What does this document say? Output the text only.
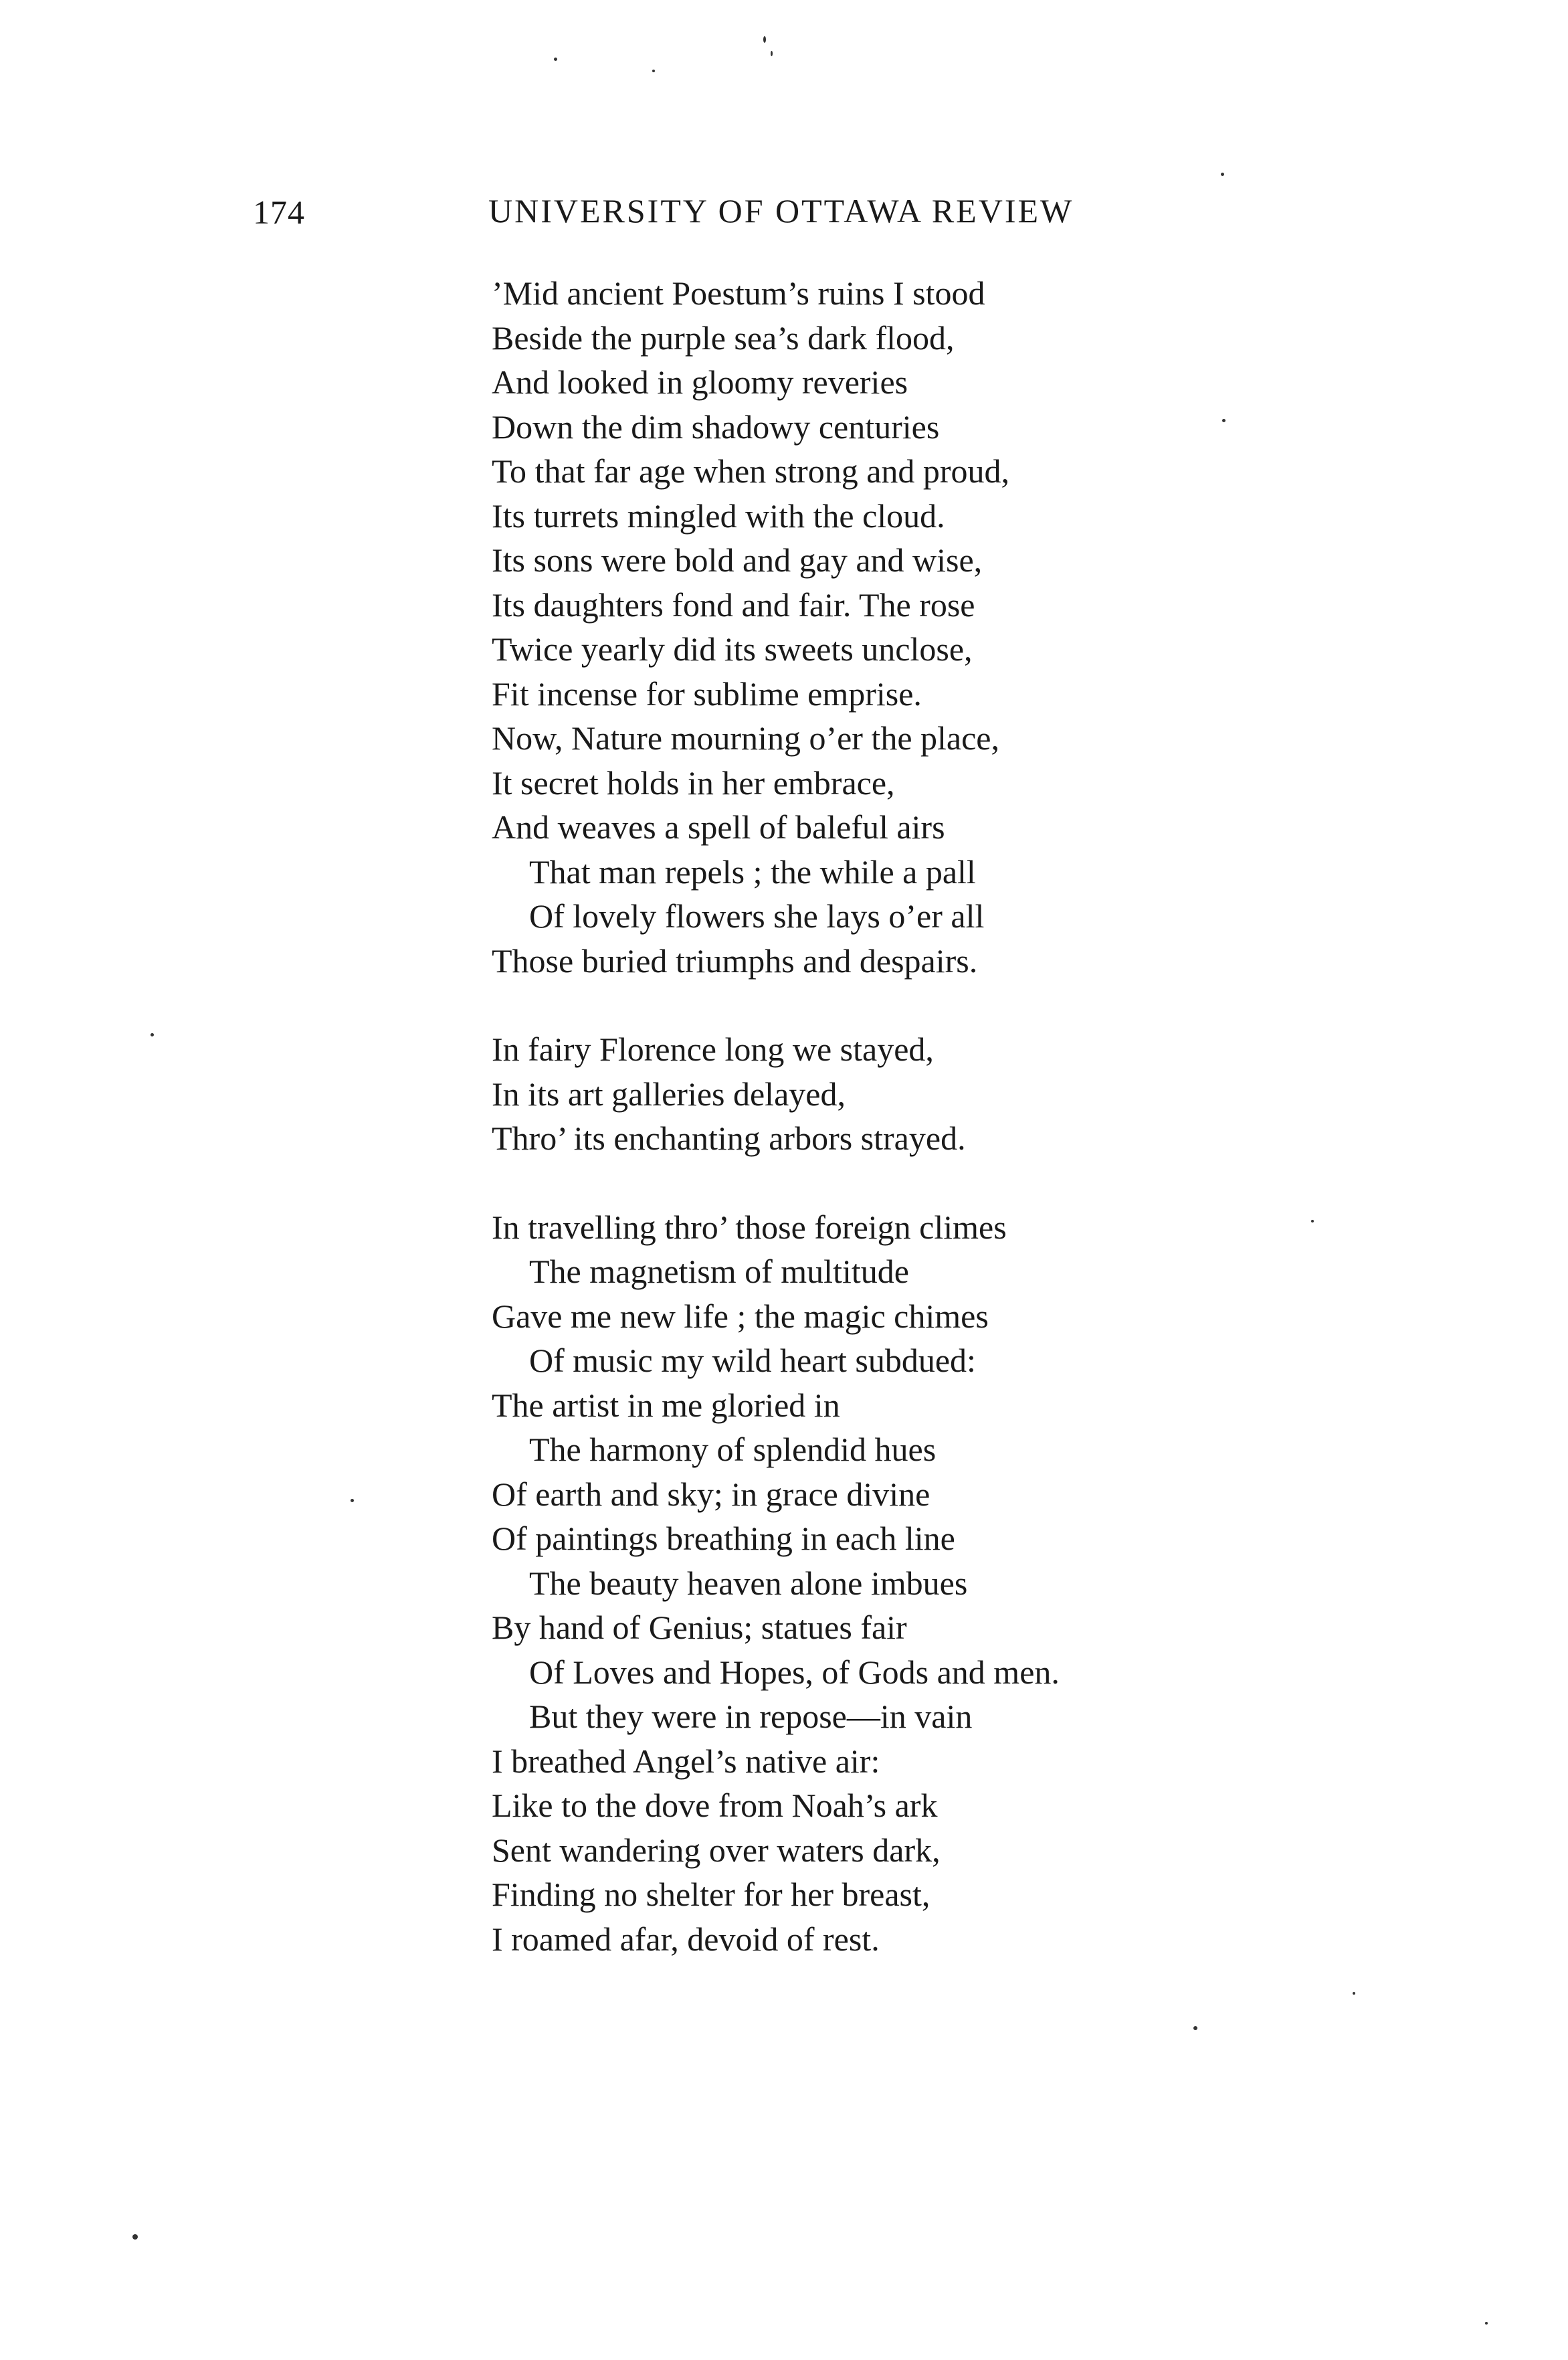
174	UNIVERSITY OF OTTAWA REVIEW
’Mid ancient Poestum’s ruins I stood
Beside the purple sea’s dark flood,
And looked in gloomy reveries
Down the dim shadowy centuries
To that far age when strong and proud,
Its turrets mingled with the cloud.
Its sons were bold and gay and wise,
Its daughters fond and fair. The rose
Twice yearly did its sweets unclose,
Fit incense for sublime emprise.
Now, Nature mourning o’er the place,
It secret holds in her embrace,
And weaves a spell of baleful airs
That man repels ; the while a pall
Of lovely flowers she lays o’er all
Those buried triumphs and despairs.
In fairy Florence long we stayed,
In its art galleries delayed,
Thro’ its enchanting arbors strayed.
In travelling thro’ those foreign climes
The magnetism of multitude
Gave me new life ; the magic chimes
Of music my wild heart subdued:
The artist in me gloried in
The harmony of splendid hues
Of earth and sky; in grace divine
Of paintings breathing in each line
The beauty heaven alone imbues
By hand of Genius; statues fair
Of Loves and Hopes, of Gods and men.
But they were in repose—in vain
I breathed Angel’s native air:
Like to the dove from Noah’s ark
Sent wandering over waters dark,
Finding no shelter for her breast,
I roamed afar, devoid of rest.
